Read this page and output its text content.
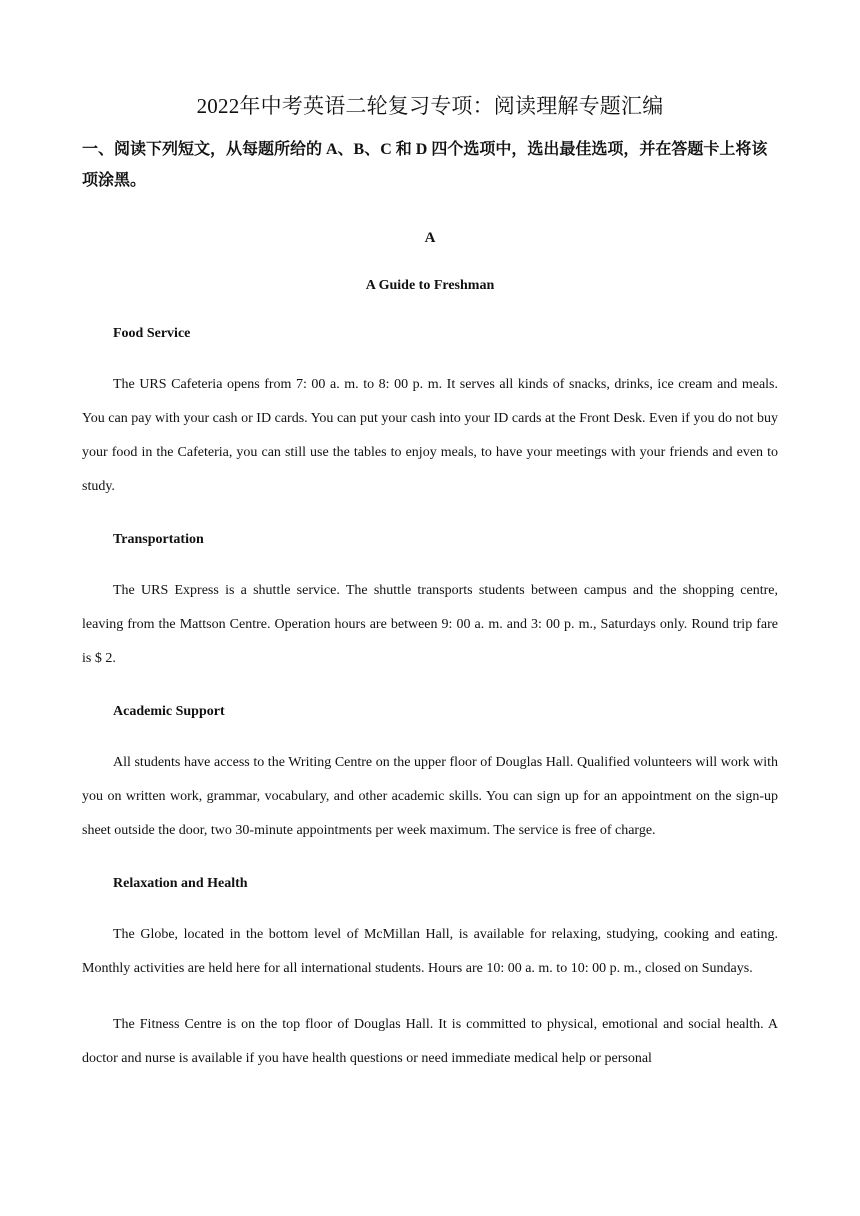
2022年中考英语二轮复习专项：阅读理解专题汇编

一、阅读下列短文，从每题所给的 A、B、C 和 D 四个选项中，选出最佳选项，并在答题卡上将该项涂黑。

A
A Guide to Freshman
Food Service

The URS Cafeteria opens from 7: 00 a. m. to 8: 00 p. m. It serves all kinds of snacks, drinks, ice cream and meals. You can pay with your cash or ID cards. You can put your cash into your ID cards at the Front Desk. Even if you do not buy your food in the Cafeteria, you can still use the tables to enjoy meals, to have your meetings with your friends and even to study.

Transportation

The URS Express is a shuttle service. The shuttle transports students between campus and the shopping centre, leaving from the Mattson Centre. Operation hours are between 9: 00 a. m. and 3: 00 p. m., Saturdays only. Round trip fare is $ 2.

Academic Support

All students have access to the Writing Centre on the upper floor of Douglas Hall. Qualified volunteers will work with you on written work, grammar, vocabulary, and other academic skills. You can sign up for an appointment on the sign-up sheet outside the door, two 30-minute appointments per week maximum. The service is free of charge.

Relaxation and Health

The Globe, located in the bottom level of McMillan Hall, is available for relaxing, studying, cooking and eating. Monthly activities are held here for all international students. Hours are 10: 00 a. m. to 10: 00 p. m., closed on Sundays.

The Fitness Centre is on the top floor of Douglas Hall. It is committed to physical, emotional and social health. A doctor and nurse is available if you have health questions or need immediate medical help or personal
